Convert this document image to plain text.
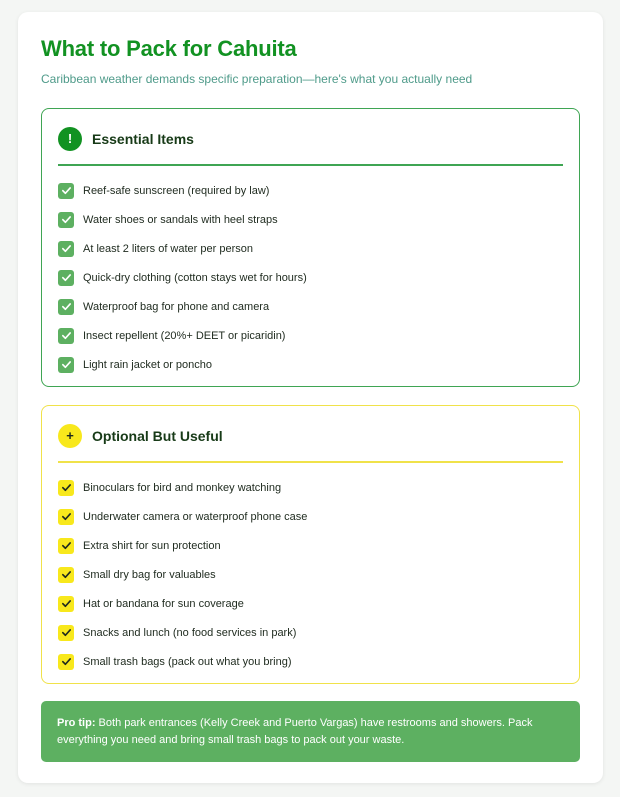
What to Pack for Cahuita

Caribbean weather demands specific preparation—here's what you actually need

!	Essential Items
Reef-safe sunscreen (required by law)
Water shoes or sandals with heel straps
At least 2 liters of water per person
Quick-dry clothing (cotton stays wet for hours)
Waterproof bag for phone and camera
Insect repellent (20%+ DEET or picaridin)
Light rain jacket or poncho
+	Optional But Useful
Binoculars for bird and monkey watching
Underwater camera or waterproof phone case
Extra shirt for sun protection
Small dry bag for valuables
Hat or bandana for sun coverage
Snacks and lunch (no food services in park)
Small trash bags (pack out what you bring)
Pro tip: Both park entrances (Kelly Creek and Puerto Vargas) have restrooms and showers. Pack everything you need and bring small trash bags to pack out your waste.
